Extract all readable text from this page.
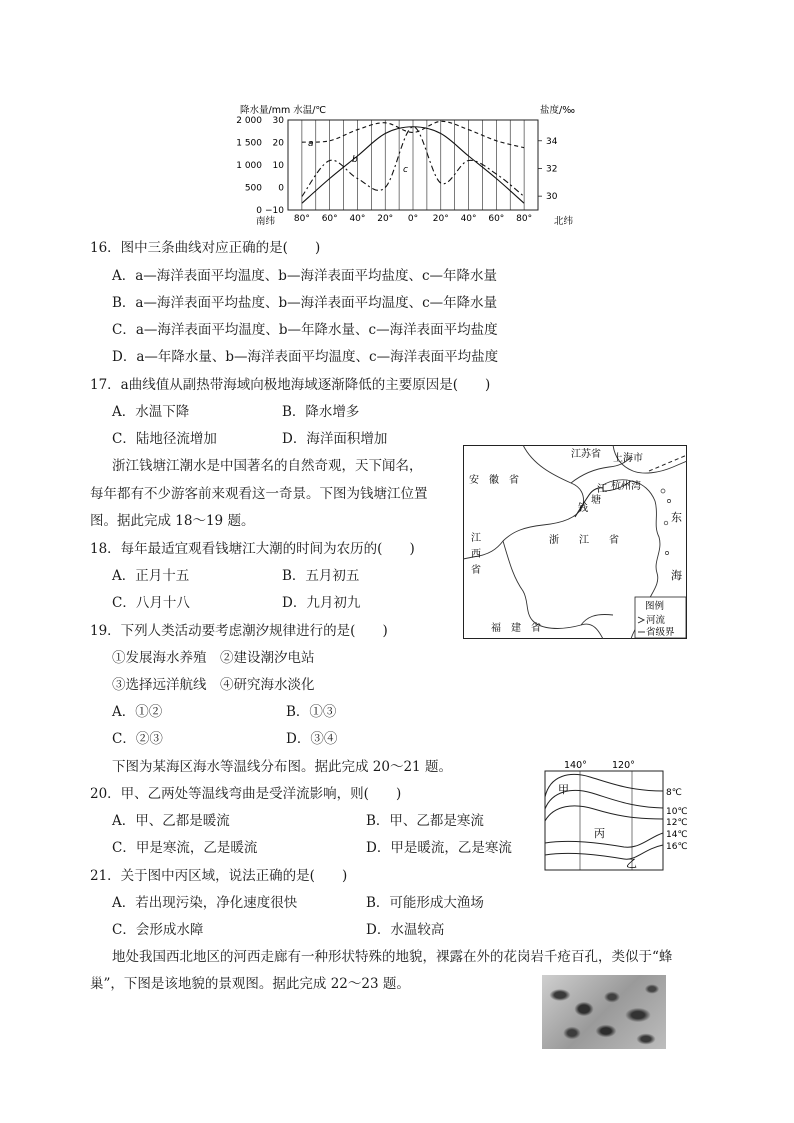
降水量/mm 水温/℃	盐度/‰
2 000
1 500
1 000
500
0
30
20
10
0
−10
34
32
30
80° 60° 40° 20° 0° 20° 40° 60° 80°
a
b
c
南纬	北纬
16．图中三条曲线对应正确的是(　　)
A．a—海洋表面平均温度、b—海洋表面平均盐度、c—年降水量
B．a—海洋表面平均盐度、b—海洋表面平均温度、c—年降水量
C．a—海洋表面平均温度、b—年降水量、c—海洋表面平均盐度
D．a—年降水量、b—海洋表面平均温度、c—海洋表面平均盐度
17．a曲线值从副热带海域向极地海域逐渐降低的主要原因是(　　)
A．水温下降	B．降水增多
C．陆地径流增加	D．海洋面积增加
浙江钱塘江潮水是中国著名的自然奇观，天下闻名，
每年都有不少游客前来观看这一奇景。下图为钱塘江位置
图。据此完成 18～19 题。
安　徽　省
江苏省 上海市
杭州湾
塘
江
钱
浙　　江　　省
江
西
省
福　建　省
东
海
图例
河流
省级界
18．每年最适宜观看钱塘江大潮的时间为农历的(　　)
A．正月十五	B．五月初五
C．八月十八	D．九月初九
19．下列人类活动要考虑潮汐规律进行的是(　　)
①发展海水养殖　②建设潮汐电站
③选择远洋航线　④研究海水淡化
A．①②	B．①③
C．②③	D．③④
下图为某海区海水等温线分布图。据此完成 20～21 题。	140°	120°
甲
丙
乙
8℃
10℃
12℃
14℃
16℃
20．甲、乙两处等温线弯曲是受洋流影响，则(　　)
A．甲、乙都是暖流	B．甲、乙都是寒流
C．甲是寒流，乙是暖流	D．甲是暖流，乙是寒流
21．关于图中丙区域，说法正确的是(　　)
A．若出现污染，净化速度很快	B．可能形成大渔场
C．会形成水障	D．水温较高
地处我国西北地区的河西走廊有一种形状特殊的地貌，裸露在外的花岗岩千疮百孔，类似于“蜂
巢”，下图是该地貌的景观图。据此完成 22～23 题。
